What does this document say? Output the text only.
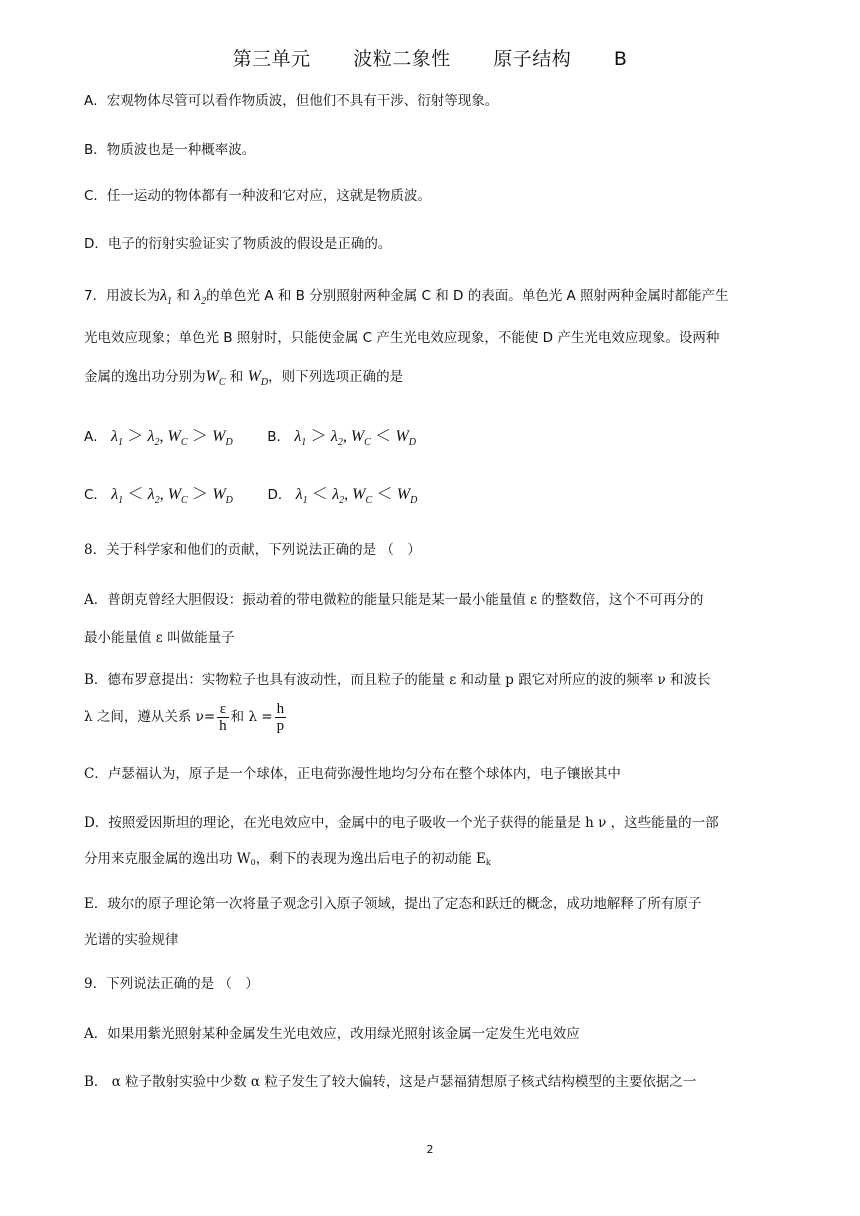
第三单元 波粒二象性 原子结构 B
A．宏观物体尽管可以看作物质波，但他们不具有干涉、衍射等现象。
B．物质波也是一种概率波。
C．任一运动的物体都有一种波和它对应，这就是物质波。
D．电子的衍射实验证实了物质波的假设是正确的。
7．用波长为$\lambda_1$ 和 $\lambda_2$的单色光 A 和 B 分别照射两种金属 C 和 D 的表面。单色光 A 照射两种金属时都能产生
光电效应现象；单色光 B 照射时，只能使金属 C 产生光电效应现象，不能使 D 产生光电效应现象。设两种
金属的逸出功分别为$W_C$ 和 $W_D$，则下列选项正确的是
A． $\lambda_1 > \lambda_2$, $W_C > W_D$	B． $\lambda_1 > \lambda_2$, $W_C < W_D$
C． $\lambda_1 < \lambda_2$, $W_C > W_D$	D． $\lambda_1 < \lambda_2$, $W_C < W_D$
8．关于科学家和他们的贡献，下列说法正确的是 （　）
A．普朗克曾经大胆假设：振动着的带电微粒的能量只能是某一最小能量值 ε 的整数倍，这个不可再分的
最小能量值 ε 叫做能量子
B．德布罗意提出：实物粒子也具有波动性，而且粒子的能量 ε 和动量 p 跟它对所应的波的频率 ν 和波长
λ 之间，遵从关系 $\nu= \frac{\varepsilon}{h}$ 和 $\lambda = \frac{h}{p}$
C．卢瑟福认为，原子是一个球体，正电荷弥漫性地均匀分布在整个球体内，电子镶嵌其中
D．按照爱因斯坦的理论，在光电效应中，金属中的电子吸收一个光子获得的能量是 h ν ，这些能量的一部
分用来克服金属的逸出功 W0，剩下的表现为逸出后电子的初动能 Ek
E．玻尔的原子理论第一次将量子观念引入原子领域，提出了定态和跃迁的概念，成功地解释了所有原子
光谱的实验规律
9．下列说法正确的是 （　）
A．如果用紫光照射某种金属发生光电效应，改用绿光照射该金属一定发生光电效应
B． α 粒子散射实验中少数 α 粒子发生了较大偏转，这是卢瑟福猜想原子核式结构模型的主要依据之一
2
